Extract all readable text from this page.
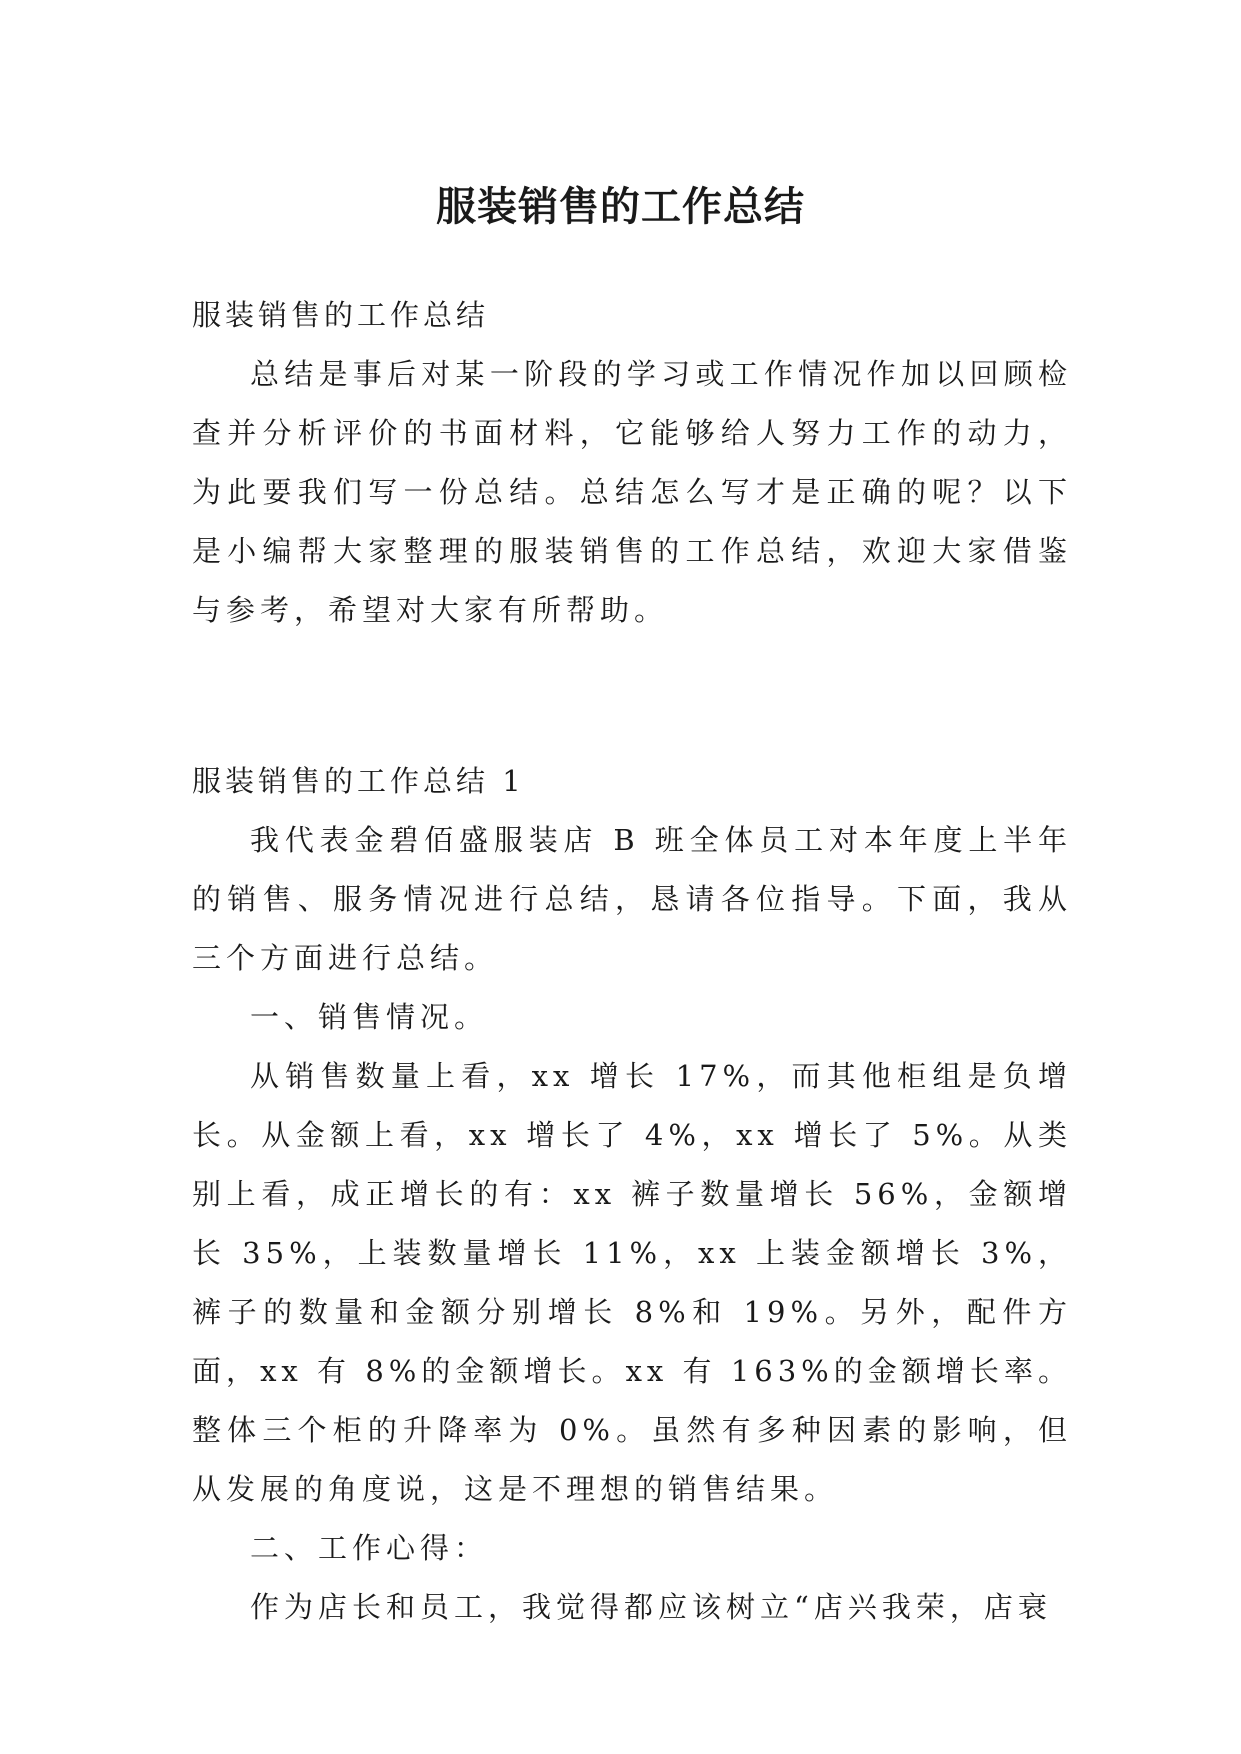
服装销售的工作总结

服装销售的工作总结

总结是事后对某一阶段的学习或工作情况作加以回顾检查并分析评价的书面材料，它能够给人努力工作的动力，为此要我们写一份总结。总结怎么写才是正确的呢？以下是小编帮大家整理的服装销售的工作总结，欢迎大家借鉴与参考，希望对大家有所帮助。

服装销售的工作总结 1

我代表金碧佰盛服装店 B 班全体员工对本年度上半年的销售、服务情况进行总结，恳请各位指导。下面，我从三个方面进行总结。

一、销售情况。

从销售数量上看，xx 增长 17%，而其他柜组是负增长。从金额上看，xx 增长了 4%，xx 增长了 5%。从类别上看，成正增长的有：xx 裤子数量增长 56%，金额增长 35%，上装数量增长 11%，xx 上装金额增长 3%，裤子的数量和金额分别增长 8%和 19%。另外，配件方面，xx 有 8%的金额增长。xx 有 163%的金额增长率。整体三个柜的升降率为 0%。虽然有多种因素的影响，但从发展的角度说，这是不理想的销售结果。

二、工作心得：

作为店长和员工，我觉得都应该树立“店兴我荣，店衰
